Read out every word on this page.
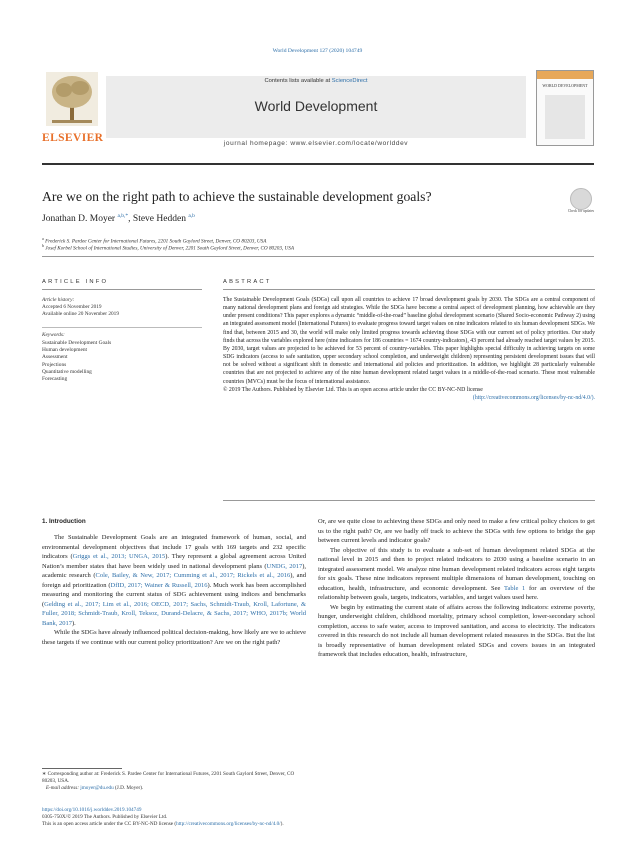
World Development 127 (2020) 104749
ELSEVIER
Contents lists available at ScienceDirect
World Development
journal homepage: www.elsevier.com/locate/worlddev
WORLD DEVELOPMENT
Are we on the right path to achieve the sustainable development goals?
Check for updates
Jonathan D. Moyer $^{a,b,*}$, Steve Hedden $^{a,b}$
$^a$ Frederick S. Pardee Center for International Futures, 2201 South Gaylord Street, Denver, CO 80203, USA
$^b$ Josef Korbel School of International Studies, University of Denver, 2201 South Gaylord Street, Denver, CO 80203, USA
ARTICLE INFO
Article history:
Accepted 6 November 2019
Available online 20 November 2019
Keywords:
Sustainable Development Goals
Human development
Assessment
Projections
Quantitative modelling
Forecasting
ABSTRACT
The Sustainable Development Goals (SDGs) call upon all countries to achieve 17 broad development goals by 2030. The SDGs are a central component of many national development plans and foreign aid strategies. While the SDGs have become a central aspect of development planning, how achievable are they under present conditions? This paper explores a dynamic “middle-of-the-road” baseline global development scenario (Shared Socio-economic Pathway 2) using an integrated assessment model (International Futures) to evaluate progress toward target values on nine indicators related to six human development SDGs. We find that, between 2015 and 30, the world will make only limited progress towards achieving those SDGs with our current set of policy priorities. Our study finds that across the variables explored here (nine indicators for 186 countries = 1674 country-indicators), 43 percent had already reached target values by 2015. By 2030, target values are projected to be achieved for 53 percent of country-variables. This paper highlights special difficulty in achieving targets on some SDG indicators (access to safe sanitation, upper secondary school completion, and underweight children) representing persistent development issues that will not be solved without a significant shift in domestic and international aid policies and prioritization. In addition, we highlight 28 particularly vulnerable countries that are not projected to achieve any of the nine human development related target values in a middle-of-the-road scenario. These most vulnerable countries (MVCs) must be the focus of international assistance.
© 2019 The Authors. Published by Elsevier Ltd. This is an open access article under the CC BY-NC-ND license
(http://creativecommons.org/licenses/by-nc-nd/4.0/).
1. Introduction

The Sustainable Development Goals are an integrated framework of human, social, and environmental development objectives that include 17 goals with 169 targets and 232 specific indicators (Griggs et al., 2013; UNGA, 2015). They represent a global agreement across United Nation’s member states that have been widely used in national development plans (UNDG, 2017), academic research (Cole, Bailey, & New, 2017; Cumming et al., 2017; Rickels et al., 2016), and foreign aid prioritization (DfID, 2017; Wainer & Russell, 2016). Much work has been accomplished measuring and monitoring the current status of SDG achievement using indices and benchmarks (Gelding et al., 2017; Lim et al., 2016; OECD, 2017; Sachs, Schmidt-Traub, Kroll, Lafortune, & Fuller, 2018; Schmidt-Traub, Kroll, Teksoz, Durand-Delacre, & Sachs, 2017; WHO, 2017b; World Bank, 2017).

While the SDGs have already influenced political decision-making, how likely are we to achieve these targets if we continue with our current policy prioritization? Are we on the right path?

∗ Corresponding author at: Frederick S. Pardee Center for International Futures, 2201 South Gaylord Street, Denver, CO 80203, USA.
E-mail address: jmoyer@du.edu (J.D. Moyer).

Or, are we quite close to achieving these SDGs and only need to make a few critical policy choices to get us to the right path? Or, are we badly off track to achieve the SDGs with few options to bridge the gap between current levels and indicator goals?

The objective of this study is to evaluate a sub-set of human development related SDGs at the national level in 2015 and then to project related indicators to 2030 using a baseline scenario in an integrated assessment model. We analyze nine human development related indicators across eight targets for six goals. These nine indicators represent multiple dimensions of human development, touching on education, health, infrastructure, and economic development. See Table 1 for an overview of the relationship between goals, targets, indicators, variables, and target values used here.

We begin by estimating the current state of affairs across the following indicators: extreme poverty, hunger, underweight children, childhood mortality, primary school completion, lower-secondary school completion, access to safe water, access to improved sanitation, and access to electricity. The indicators covered in this research do not include all human development related measures in the SDGs. But the list is broadly representative of human development related SDGs and covers issues in an integrated framework that includes education, health, infrastructure,

https://doi.org/10.1016/j.worlddev.2019.104749
0305-750X/© 2019 The Authors. Published by Elsevier Ltd.
This is an open access article under the CC BY-NC-ND license (http://creativecommons.org/licenses/by-nc-nd/4.0/).
